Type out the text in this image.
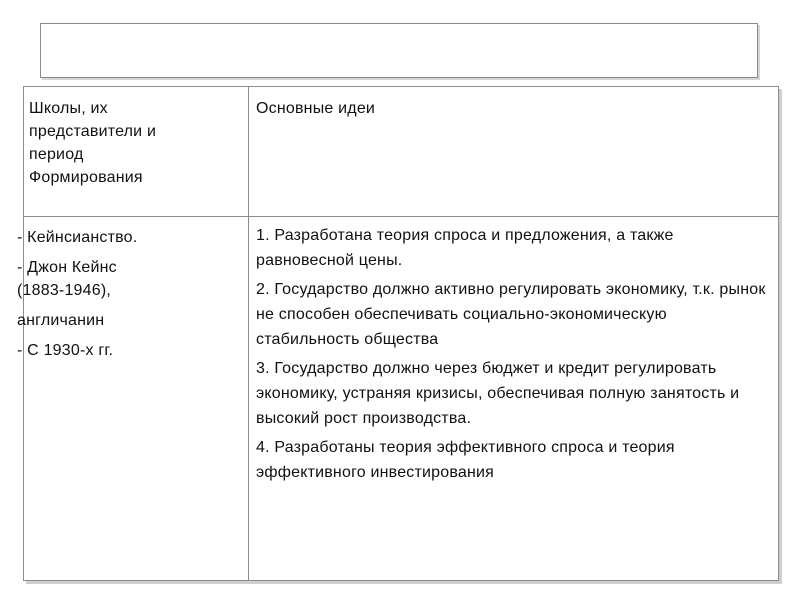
Школы, их
представители и
период
Формирования
Основные идеи
- Кейнсианство.
- Джон Кейнс
(1883-1946),
англичанин
- С 1930-х гг.
1. Разработана теория спроса и предложения, а также равновесной цены.
2. Государство должно активно регулировать экономику, т.к. рынок не способен обеспечивать социально-экономическую стабильность общества
3. Государство должно через бюджет и кредит регулировать экономику, устраняя кризисы, обеспечивая полную занятость и высокий рост производства.
4. Разработаны теория эффективного спроса и теория эффективного инвестирования
